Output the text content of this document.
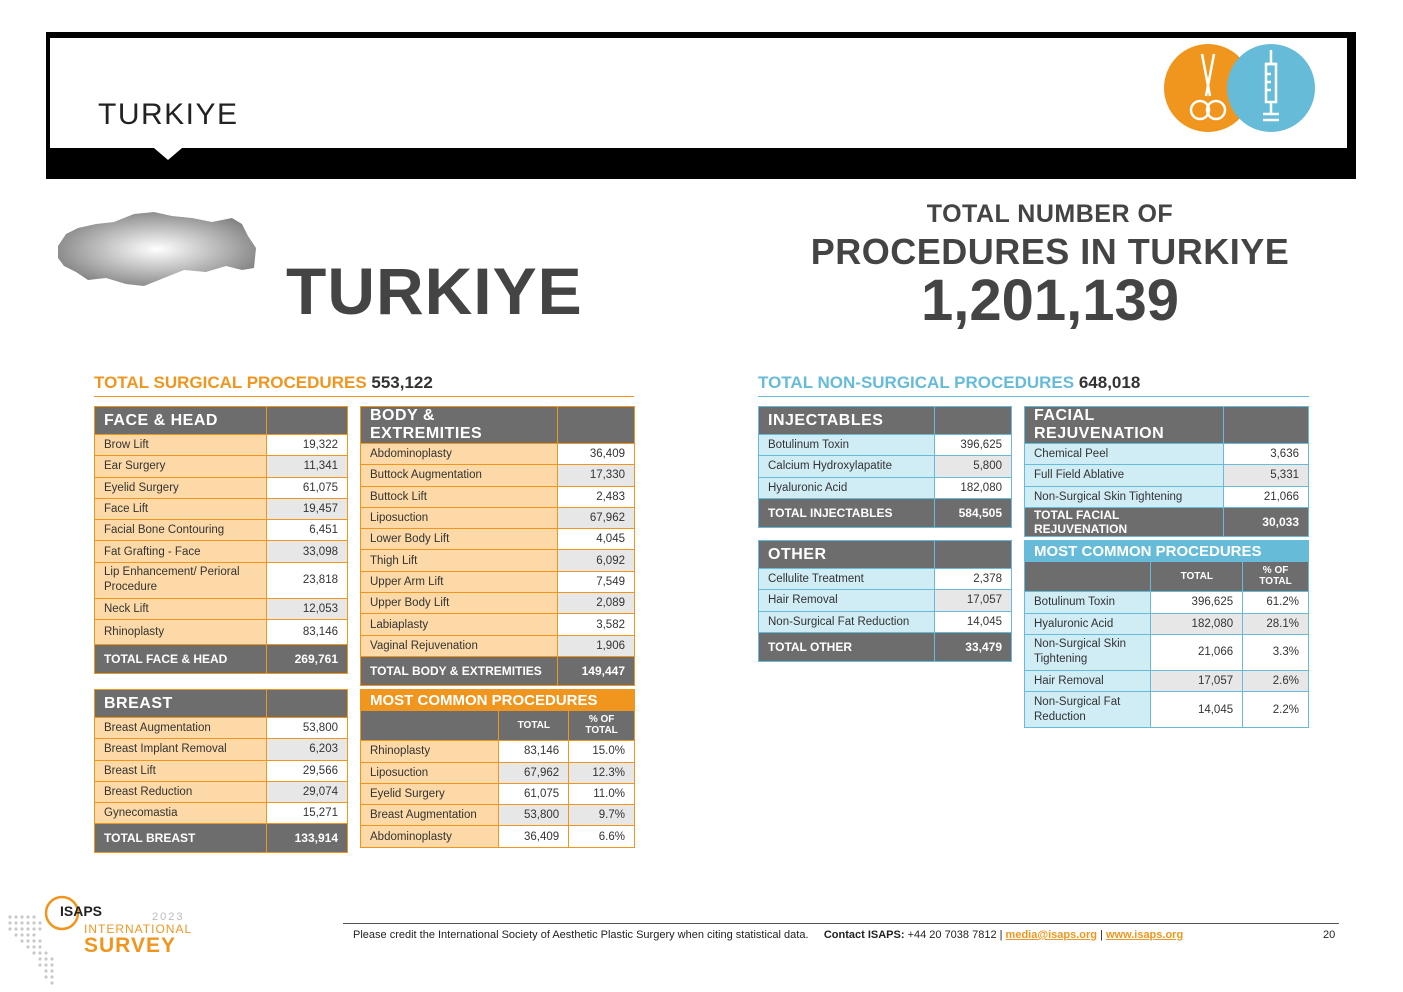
TURKIYE
TURKIYE
TOTAL NUMBER OF
PROCEDURES IN TURKIYE
1,201,139
TOTAL SURGICAL PROCEDURES 553,122	TOTAL NON-SURGICAL PROCEDURES 648,018
FACE & HEAD	
Brow Lift	19,322
Ear Surgery	11,341
Eyelid Surgery	61,075
Face Lift	19,457
Facial Bone Contouring	6,451
Fat Grafting - Face	33,098
Lip Enhancement/ Perioral Procedure	23,818
Neck Lift	12,053
Rhinoplasty	83,146
TOTAL FACE & HEAD	269,761
BODY & EXTREMITIES	
Abdominoplasty	36,409
Buttock Augmentation	17,330
Buttock Lift	2,483
Liposuction	67,962
Lower Body Lift	4,045
Thigh Lift	6,092
Upper Arm Lift	7,549
Upper Body Lift	2,089
Labiaplasty	3,582
Vaginal Rejuvenation	1,906
TOTAL BODY & EXTREMITIES	149,447
BREAST	
Breast Augmentation	53,800
Breast Implant Removal	6,203
Breast Lift	29,566
Breast Reduction	29,074
Gynecomastia	15,271
TOTAL BREAST	133,914
MOST COMMON PROCEDURES		
	TOTAL	% OF
TOTAL
Rhinoplasty	83,146	15.0%
Liposuction	67,962	12.3%
Eyelid Surgery	61,075	11.0%
Breast Augmentation	53,800	9.7%
Abdominoplasty	36,409	6.6%
INJECTABLES	
Botulinum Toxin	396,625
Calcium Hydroxylapatite	5,800
Hyaluronic Acid	182,080
TOTAL INJECTABLES	584,505
FACIAL REJUVENATION	
Chemical Peel	3,636
Full Field Ablative	5,331
Non-Surgical Skin Tightening	21,066
TOTAL FACIAL REJUVENATION	30,033
OTHER	
Cellulite Treatment	2,378
Hair Removal	17,057
Non-Surgical Fat Reduction	14,045
TOTAL OTHER	33,479
MOST COMMON PROCEDURES		
	TOTAL	% OF
TOTAL
Botulinum Toxin	396,625	61.2%
Hyaluronic Acid	182,080	28.1%
Non-Surgical Skin Tightening	21,066	3.3%
Hair Removal	17,057	2.6%
Non-Surgical Fat Reduction	14,045	2.2%
ISAPS	2023
INTERNATIONAL
SURVEY	Please credit the International Society of Aesthetic Plastic Surgery when citing statistical data. Contact ISAPS: +44 20 7038 7812 | media@isaps.org | www.isaps.org	20
